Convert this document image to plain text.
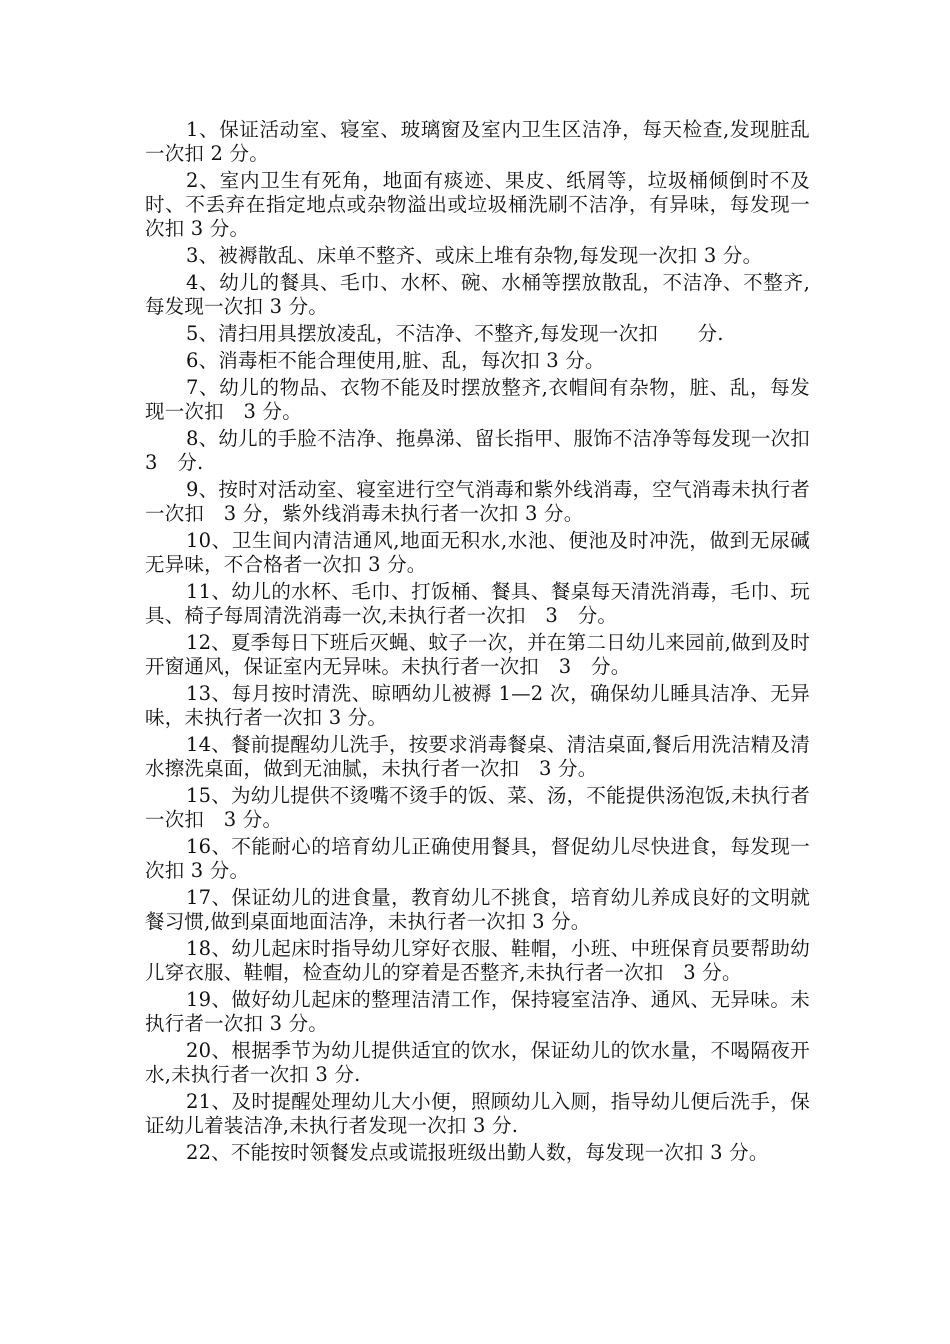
1、保证活动室、寝室、玻璃窗及室内卫生区洁净，每天检查,发现脏乱一次扣 2 分。

2、室内卫生有死角，地面有痰迹、果皮、纸屑等，垃圾桶倾倒时不及时、不丢弃在指定地点或杂物溢出或垃圾桶洗刷不洁净，有异味，每发现一次扣 3 分。

3、被褥散乱、床单不整齐、或床上堆有杂物,每发现一次扣 3 分。

4、幼儿的餐具、毛巾、水杯、碗、水桶等摆放散乱，不洁净、不整齐,每发现一次扣 3 分。

5、清扫用具摆放凌乱，不洁净、不整齐,每发现一次扣　　分.

6、消毒柜不能合理使用,脏、乱，每次扣 3 分。

7、幼儿的物品、衣物不能及时摆放整齐,衣帽间有杂物，脏、乱，每发现一次扣　3 分。

8、幼儿的手脸不洁净、拖鼻涕、留长指甲、服饰不洁净等每发现一次扣　3　分.

9、按时对活动室、寝室进行空气消毒和紫外线消毒，空气消毒未执行者一次扣　3 分，紫外线消毒未执行者一次扣 3 分。

10、卫生间内清洁通风,地面无积水,水池、便池及时冲洗，做到无尿碱无异味，不合格者一次扣 3 分。

11、幼儿的水杯、毛巾、打饭桶、餐具、餐桌每天清洗消毒，毛巾、玩具、椅子每周清洗消毒一次,未执行者一次扣　3　分。

12、夏季每日下班后灭蝇、蚊子一次，并在第二日幼儿来园前,做到及时开窗通风，保证室内无异味。未执行者一次扣　3　分。

13、每月按时清洗、晾晒幼儿被褥 1—2 次，确保幼儿睡具洁净、无异味，未执行者一次扣 3 分。

14、餐前提醒幼儿洗手，按要求消毒餐桌、清洁桌面,餐后用洗洁精及清水擦洗桌面，做到无油腻，未执行者一次扣　3 分。

15、为幼儿提供不烫嘴不烫手的饭、菜、汤，不能提供汤泡饭,未执行者一次扣　3 分。

16、不能耐心的培育幼儿正确使用餐具，督促幼儿尽快进食，每发现一次扣 3 分。

17、保证幼儿的进食量，教育幼儿不挑食，培育幼儿养成良好的文明就餐习惯,做到桌面地面洁净，未执行者一次扣 3 分。

18、幼儿起床时指导幼儿穿好衣服、鞋帽，小班、中班保育员要帮助幼儿穿衣服、鞋帽，检查幼儿的穿着是否整齐,未执行者一次扣　3 分。

19、做好幼儿起床的整理洁清工作，保持寝室洁净、通风、无异味。未执行者一次扣 3 分。

20、根据季节为幼儿提供适宜的饮水，保证幼儿的饮水量，不喝隔夜开水,未执行者一次扣 3 分.

21、及时提醒处理幼儿大小便，照顾幼儿入厕，指导幼儿便后洗手，保证幼儿着装洁净,未执行者发现一次扣 3 分.

22、不能按时领餐发点或谎报班级出勤人数，每发现一次扣 3 分。
